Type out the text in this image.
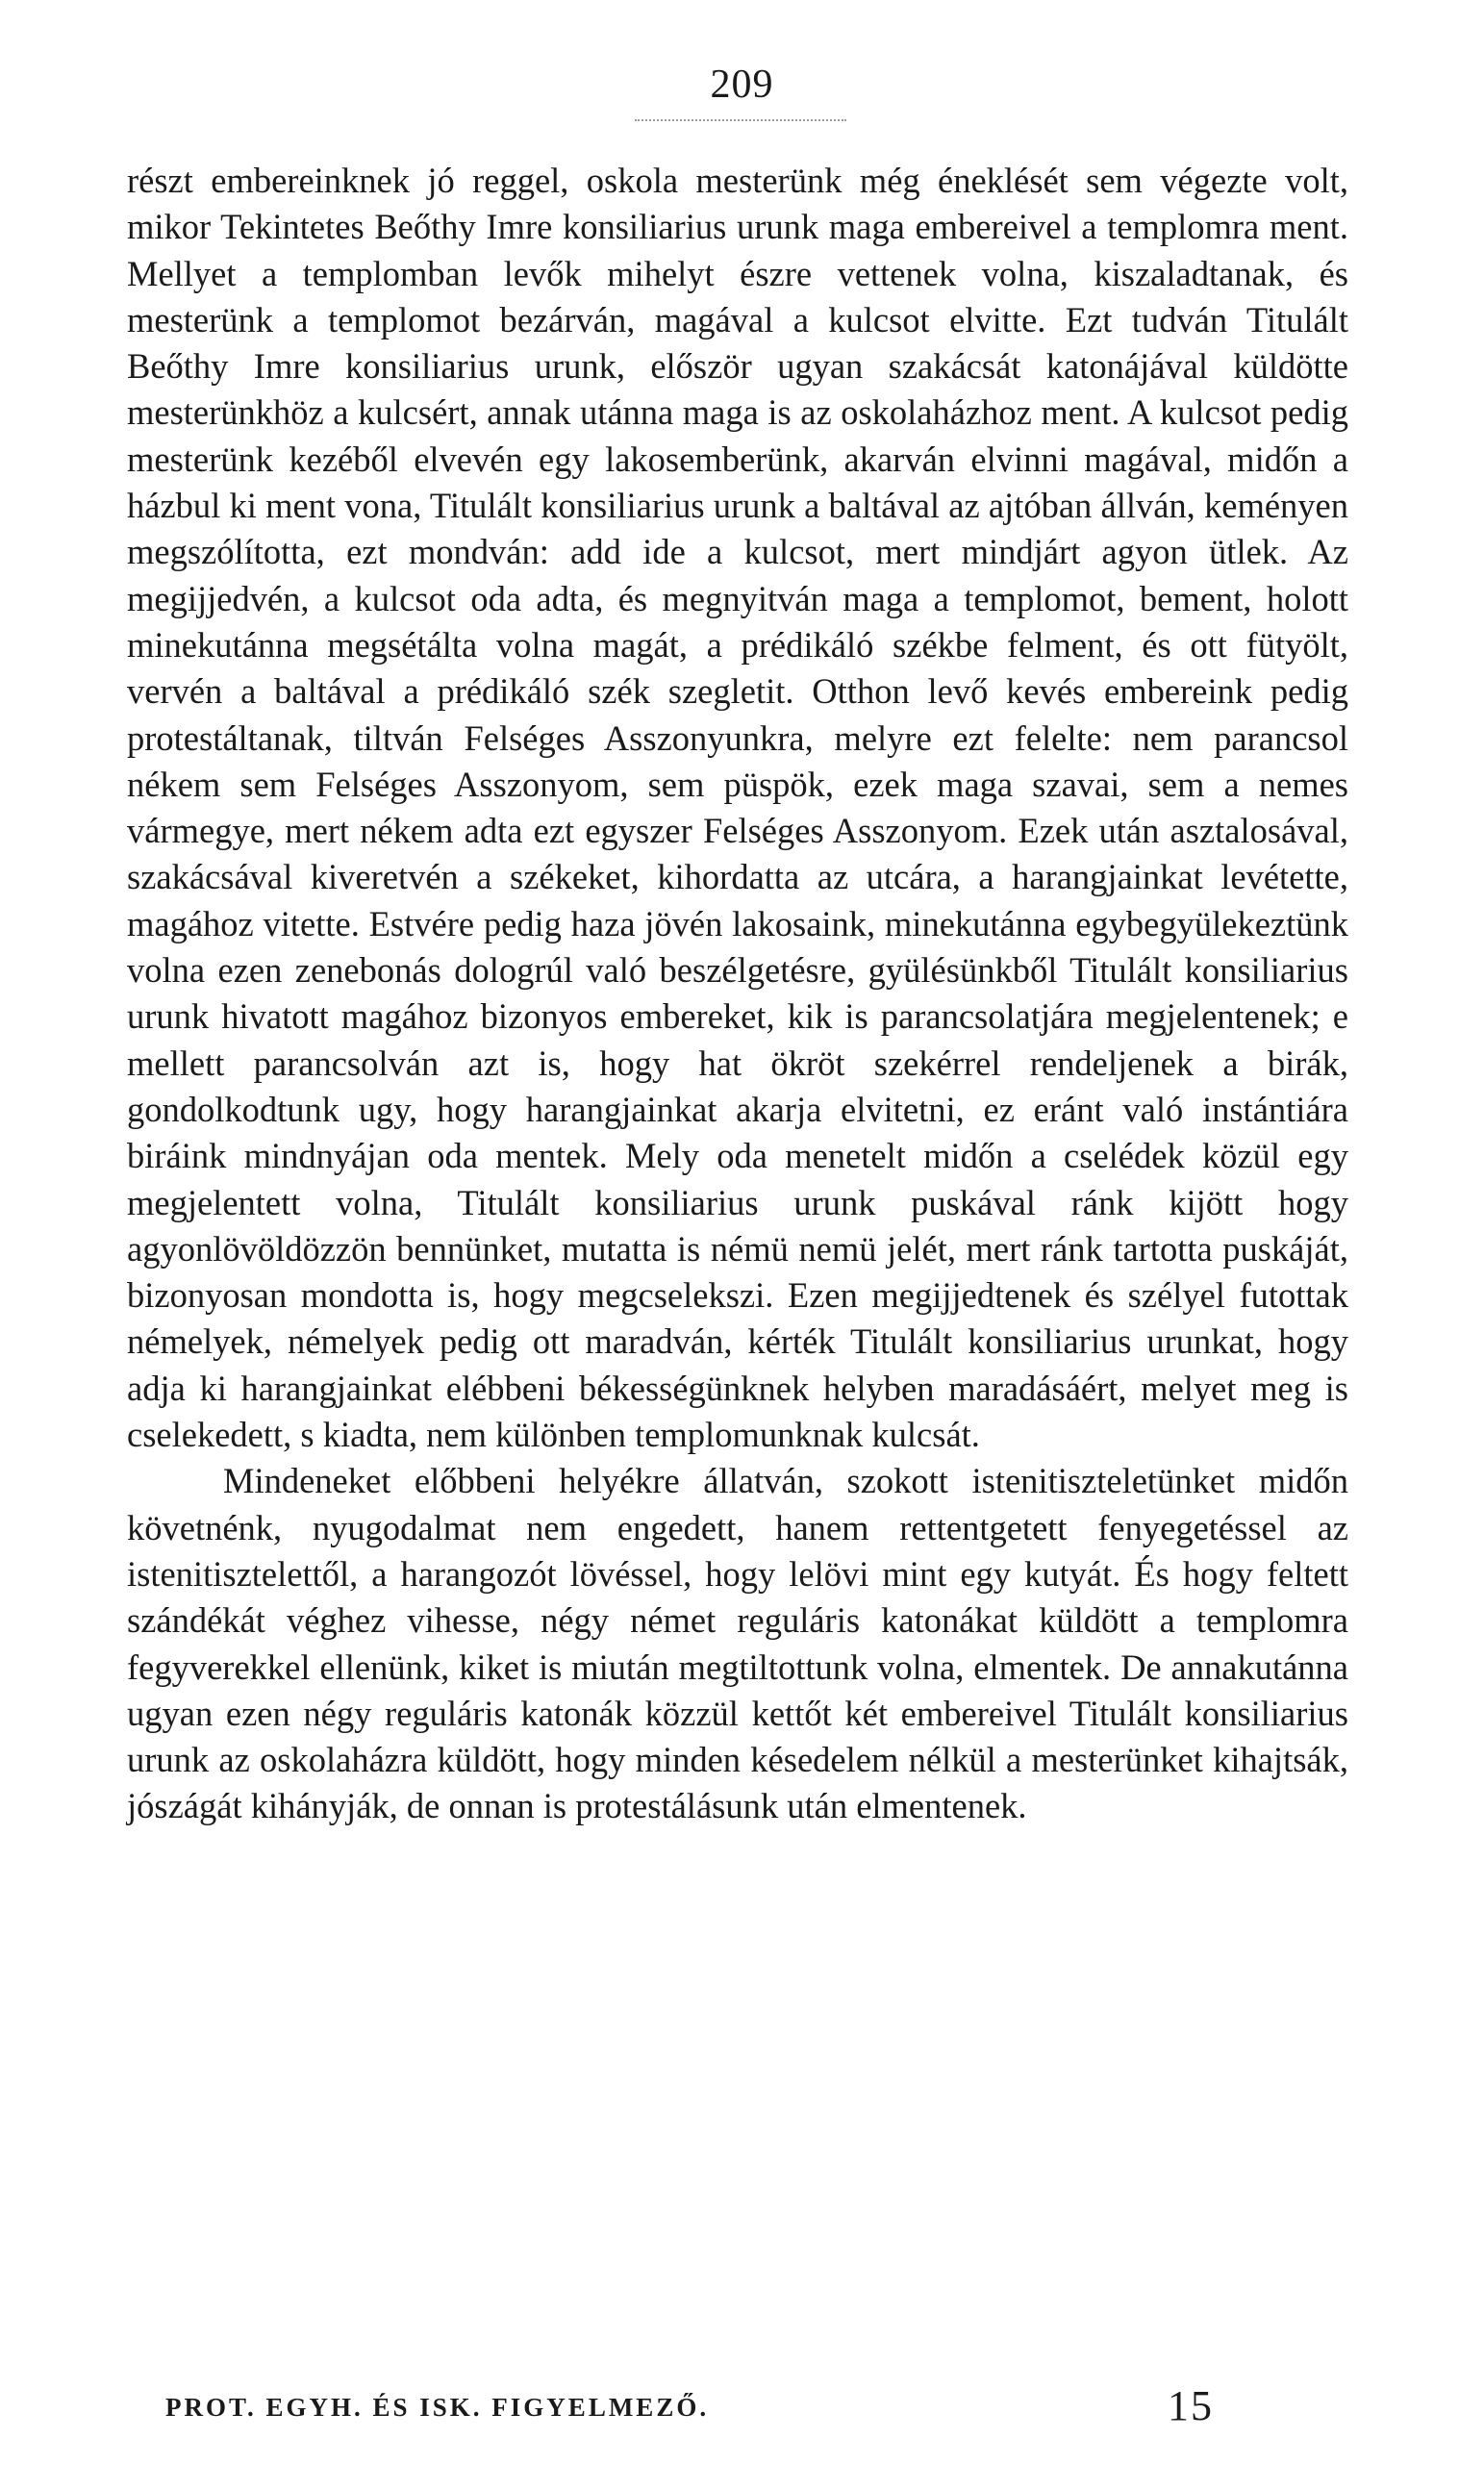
209

részt embereinknek jó reggel, oskola mesterünk még éneklését sem végezte volt, mikor Tekintetes Beőthy Imre konsiliarius urunk maga embereivel a templomra ment. Mellyet a templomban levők mihelyt észre vettenek volna, kiszaladtanak, és mesterünk a templomot bezárván, magával a kulcsot elvitte. Ezt tudván Titulált Beőthy Imre konsiliarius urunk, először ugyan szakácsát katonájával küldötte mesterünkhöz a kulcsért, annak utánna maga is az oskolaházhoz ment. A kulcsot pedig mesterünk kezéből elvevén egy lakosemberünk, akarván elvinni magával, midőn a házbul ki ment vona, Titulált konsiliarius urunk a baltával az ajtóban állván, keményen megszólította, ezt mondván: add ide a kulcsot, mert mindjárt agyon ütlek. Az megijjedvén, a kulcsot oda adta, és megnyitván maga a templomot, bement, holott minekutánna megsétálta volna magát, a prédikáló székbe felment, és ott fütyölt, vervén a baltával a prédikáló szék szegletit. Otthon levő kevés embereink pedig protestáltanak, tiltván Felséges Asszonyunkra, melyre ezt felelte: nem parancsol nékem sem Felséges Asszonyom, sem püspök, ezek maga szavai, sem a nemes vármegye, mert nékem adta ezt egyszer Felséges Asszonyom. Ezek után asztalosával, szakácsával kiveretvén a székeket, kihordatta az utcára, a harangjainkat levétette, magához vitette. Estvére pedig haza jövén lakosaink, minekutánna egybegyülekeztünk volna ezen zenebonás dologrúl való beszélgetésre, gyülésünkből Titulált konsiliarius urunk hivatott magához bizonyos embereket, kik is parancsolatjára megjelentenek; e mellett parancsolván azt is, hogy hat ökröt szekérrel rendeljenek a birák, gondolkodtunk ugy, hogy harangjainkat akarja elvitetni, ez eránt való instántiára biráink mindnyájan oda mentek. Mely oda menetelt midőn a cselédek közül egy megjelentett volna, Titulált konsiliarius urunk puskával ránk kijött hogy agyonlövöldözzön bennünket, mutatta is némü nemü jelét, mert ránk tartotta puskáját, bizonyosan mondotta is, hogy megcselekszi. Ezen megijjedtenek és szélyel futottak némelyek, némelyek pedig ott maradván, kérték Titulált konsiliarius urunkat, hogy adja ki harangjainkat elébbeni békességünknek helyben maradásáért, melyet meg is cselekedett, s kiadta, nem különben templomunknak kulcsát.

Mindeneket előbbeni helyékre állatván, szokott istenitiszteletünket midőn követnénk, nyugodalmat nem engedett, hanem rettentgetett fenyegetéssel az istenitisztelettől, a harangozót lövéssel, hogy lelövi mint egy kutyát. És hogy feltett szándékát véghez vihesse, négy német reguláris katonákat küldött a templomra fegyverekkel ellenünk, kiket is miután megtiltottunk volna, elmentek. De annakutánna ugyan ezen négy reguláris katonák közzül kettőt két embereivel Titulált konsiliarius urunk az oskolaházra küldött, hogy minden késedelem nélkül a mesterünket kihajtsák, jószágát kihányják, de onnan is protestálásunk után elmentenek.

PROT. EGYH. ÉS ISK. FIGYELMEZŐ.	15
